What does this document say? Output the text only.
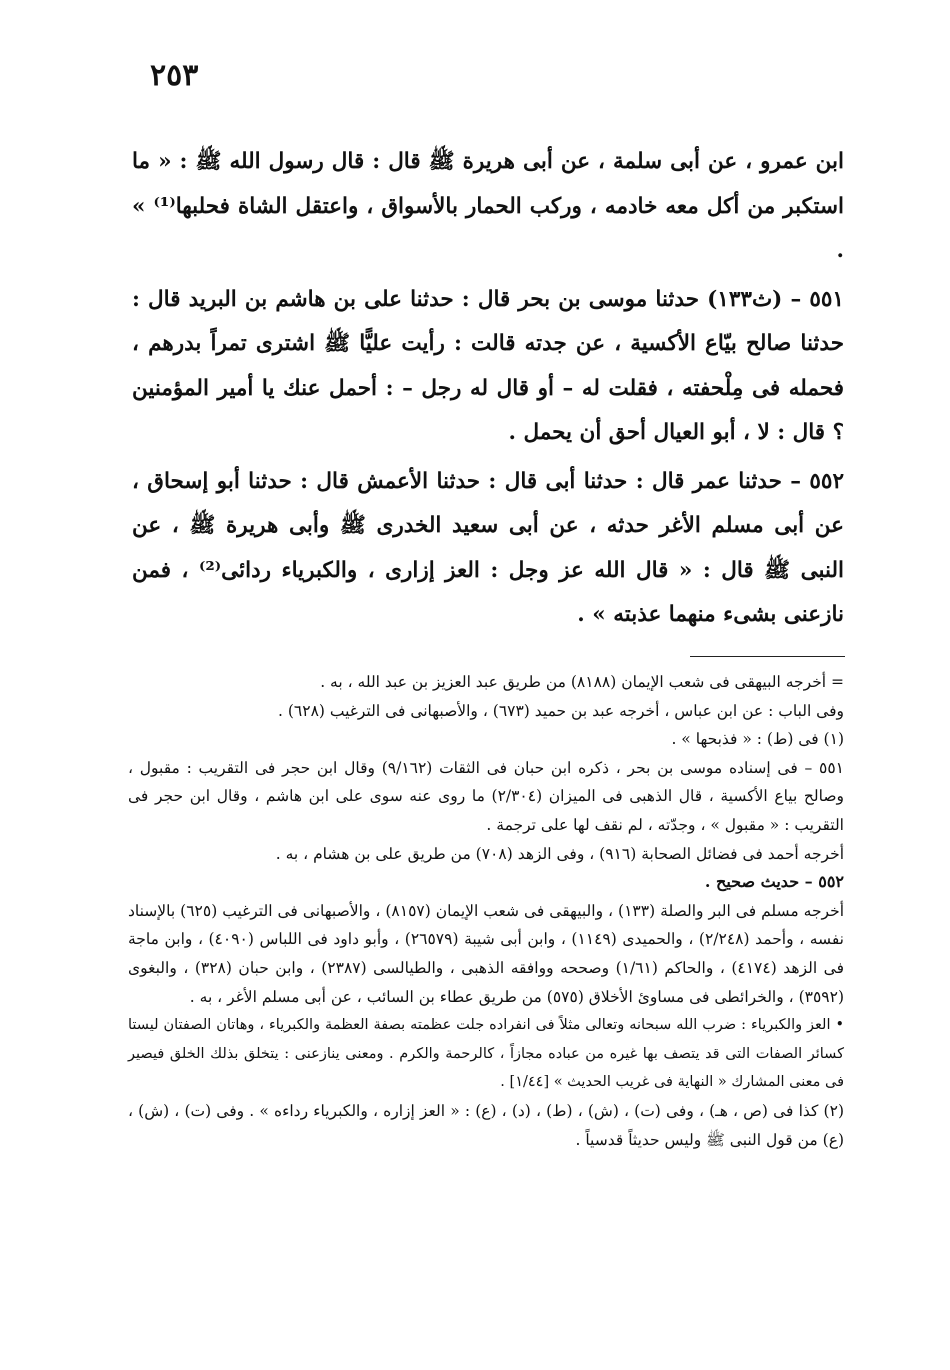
٢٥٣

ابن عمرو ، عن أبى سلمة ، عن أبى هريرة ﷺ قال : قال رسول الله ﷺ : « ما استكبر من أكل معه خادمه ، وركب الحمار بالأسواق ، واعتقل الشاة فحلبها⁽¹⁾ » .

٥٥١ – (ث١٣٣) حدثنا موسى بن بحر قال : حدثنا على بن هاشم بن البريد قال : حدثنا صالح بيّاع الأكسية ، عن جدته قالت : رأيت عليًّا ﷺ اشترى تمراً بدرهم ، فحمله فى مِلْحفته ، فقلت له – أو قال له رجل – : أحمل عنك يا أمير المؤمنين ؟ قال : لا ، أبو العيال أحق أن يحمل .

٥٥٢ – حدثنا عمر قال : حدثنا أبى قال : حدثنا الأعمش قال : حدثنا أبو إسحاق ، عن أبى مسلم الأغر حدثه ، عن أبى سعيد الخدرى ﷺ وأبى هريرة ﷺ ، عن النبى ﷺ قال : « قال الله عز وجل : العز إزارى ، والكبرياء ردائى⁽²⁾ ، فمن نازعنى بشىء منهما عذبته » .

= أخرجه البيهقى فى شعب الإيمان (٨١٨٨) من طريق عبد العزيز بن عبد الله ، به .

وفى الباب : عن ابن عباس ، أخرجه عبد بن حميد (٦٧٣) ، والأصبهانى فى الترغيب (٦٢٨) .

(١) فى (ط) : « فذبحها » .

٥٥١ – فى إسناده موسى بن بحر ، ذكره ابن حبان فى الثقات (٩/١٦٢) وقال ابن حجر فى التقريب : مقبول ، وصالح بياع الأكسية ، قال الذهبى فى الميزان (٢/٣٠٤) ما روى عنه سوى على ابن هاشم ، وقال ابن حجر فى التقريب : « مقبول » ، وجدّته ، لم نقف لها على ترجمة .

أخرجه أحمد فى فضائل الصحابة (٩١٦) ، وفى الزهد (٧٠٨) من طريق على بن هشام ، به .

٥٥٢ – حديث صحيح .

أخرجه مسلم فى البر والصلة (١٣٣) ، والبيهقى فى شعب الإيمان (٨١٥٧) ، والأصبهانى فى الترغيب (٦٢٥) بالإسناد نفسه ، وأحمد (٢/٢٤٨) ، والحميدى (١١٤٩) ، وابن أبى شيبة (٢٦٥٧٩) ، وأبو داود فى اللباس (٤٠٩٠) ، وابن ماجة فى الزهد (٤١٧٤) ، والحاكم (١/٦١) وصححه ووافقه الذهبى ، والطيالسى (٢٣٨٧) ، وابن حبان (٣٢٨) ، والبغوى (٣٥٩٢) ، والخرائطى فى مساوئ الأخلاق (٥٧٥) من طريق عطاء بن السائب ، عن أبى مسلم الأغر ، به .

• العز والكبرياء : ضرب الله سبحانه وتعالى مثلاً فى انفراده جلت عظمته بصفة العظمة والكبرياء ، وهاتان الصفتان ليستا كسائر الصفات التى قد يتصف بها غيره من عباده مجازاً ، كالرحمة والكرم . ومعنى ينازعنى : يتخلق بذلك الخلق فيصير فى معنى المشارك « النهاية فى غريب الحديث » [١/٤٤] .

(٢) كذا فى (ص ، هـ) ، وفى (ت) ، (ش) ، (ط) ، (د) ، (ع) : « العز إزاره ، والكبرياء رداءه » . وفى (ت) ، (ش) ، (ع) من قول النبى ﷺ وليس حديثاً قدسياً .
